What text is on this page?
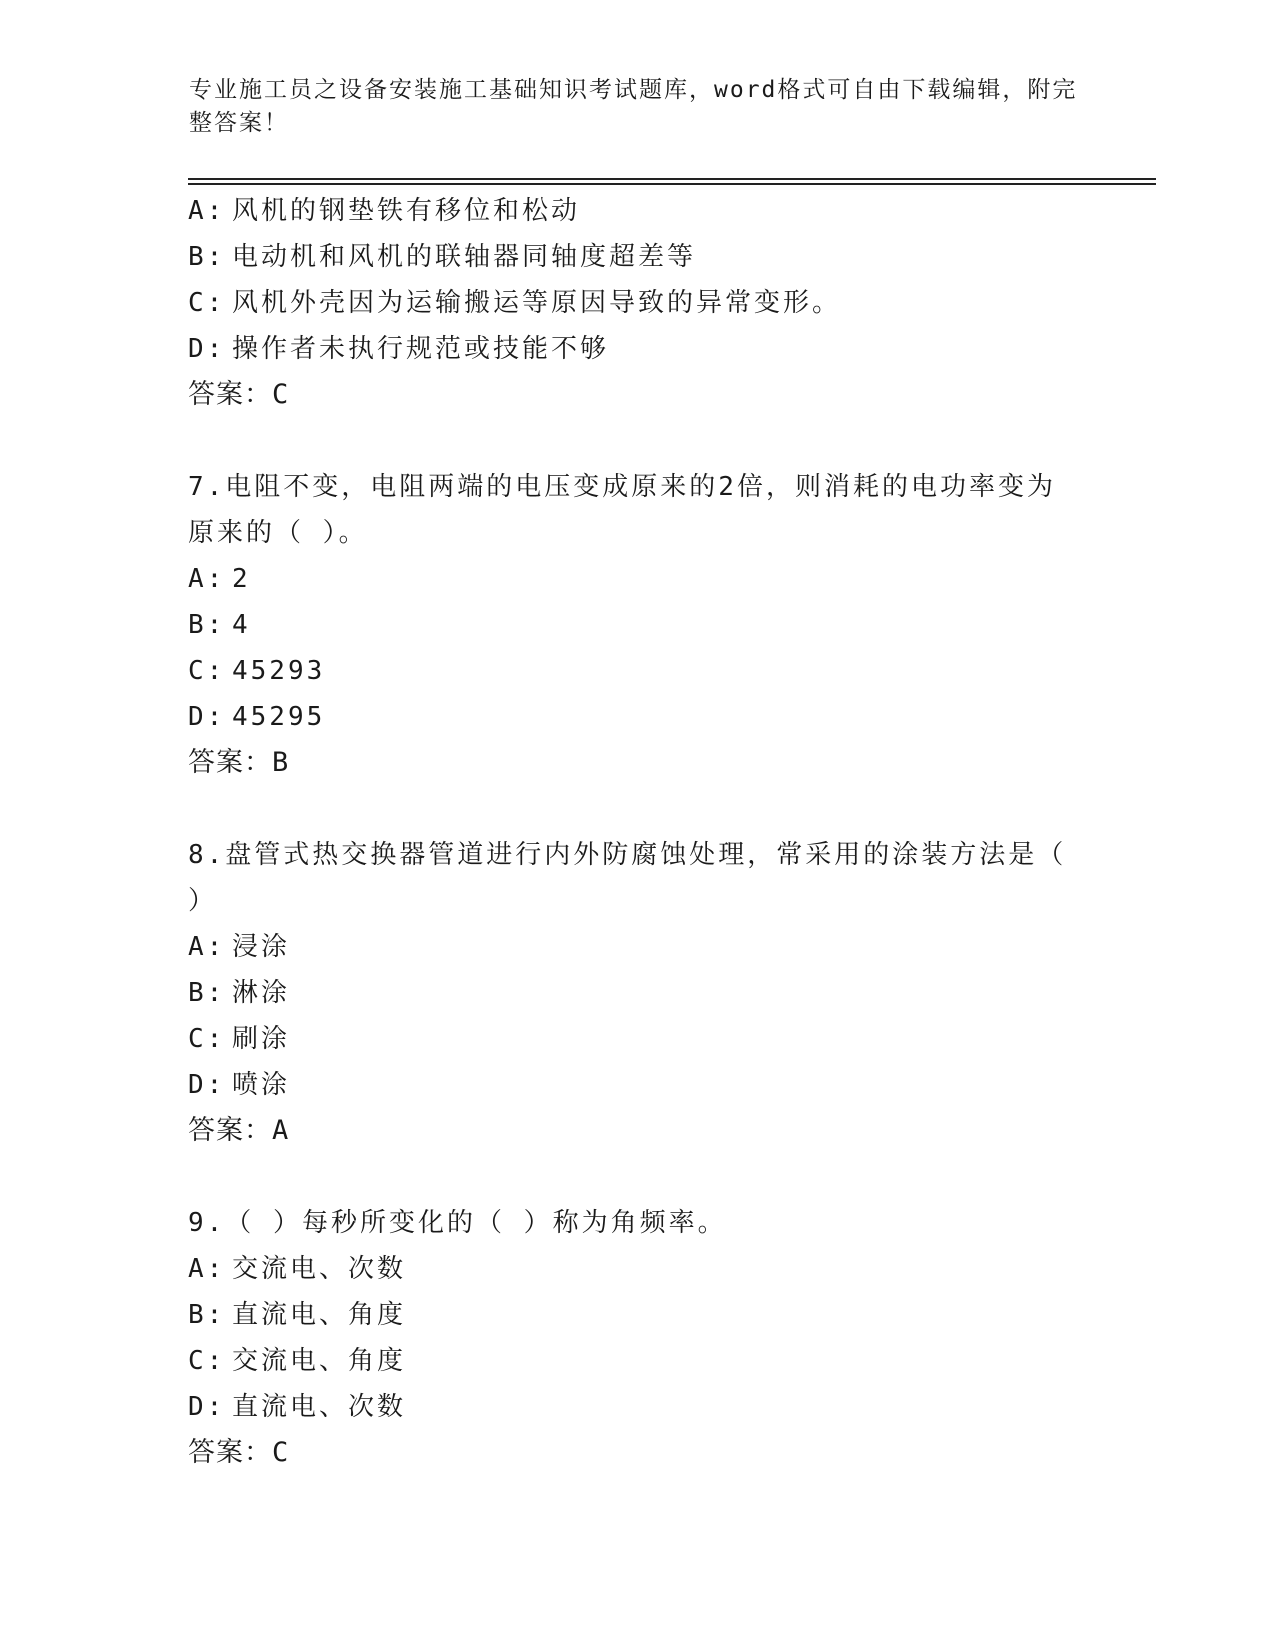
专业施工员之设备安装施工基础知识考试题库，word格式可自由下载编辑，附完
整答案！
A: 风机的钢垫铁有移位和松动
B: 电动机和风机的联轴器同轴度超差等
C: 风机外壳因为运输搬运等原因导致的异常变形。
D: 操作者未执行规范或技能不够
答案：C
7.电阻不变，电阻两端的电压变成原来的2倍，则消耗的电功率变为
原来的（ ）。
A: 2
B: 4
C: 45293
D: 45295
答案：B
8.盘管式热交换器管道进行内外防腐蚀处理，常采用的涂装方法是（
）
A: 浸涂
B: 淋涂
C: 刷涂
D: 喷涂
答案：A
9.（ ）每秒所变化的（ ）称为角频率。
A: 交流电、次数
B: 直流电、角度
C: 交流电、角度
D: 直流电、次数
答案：C
